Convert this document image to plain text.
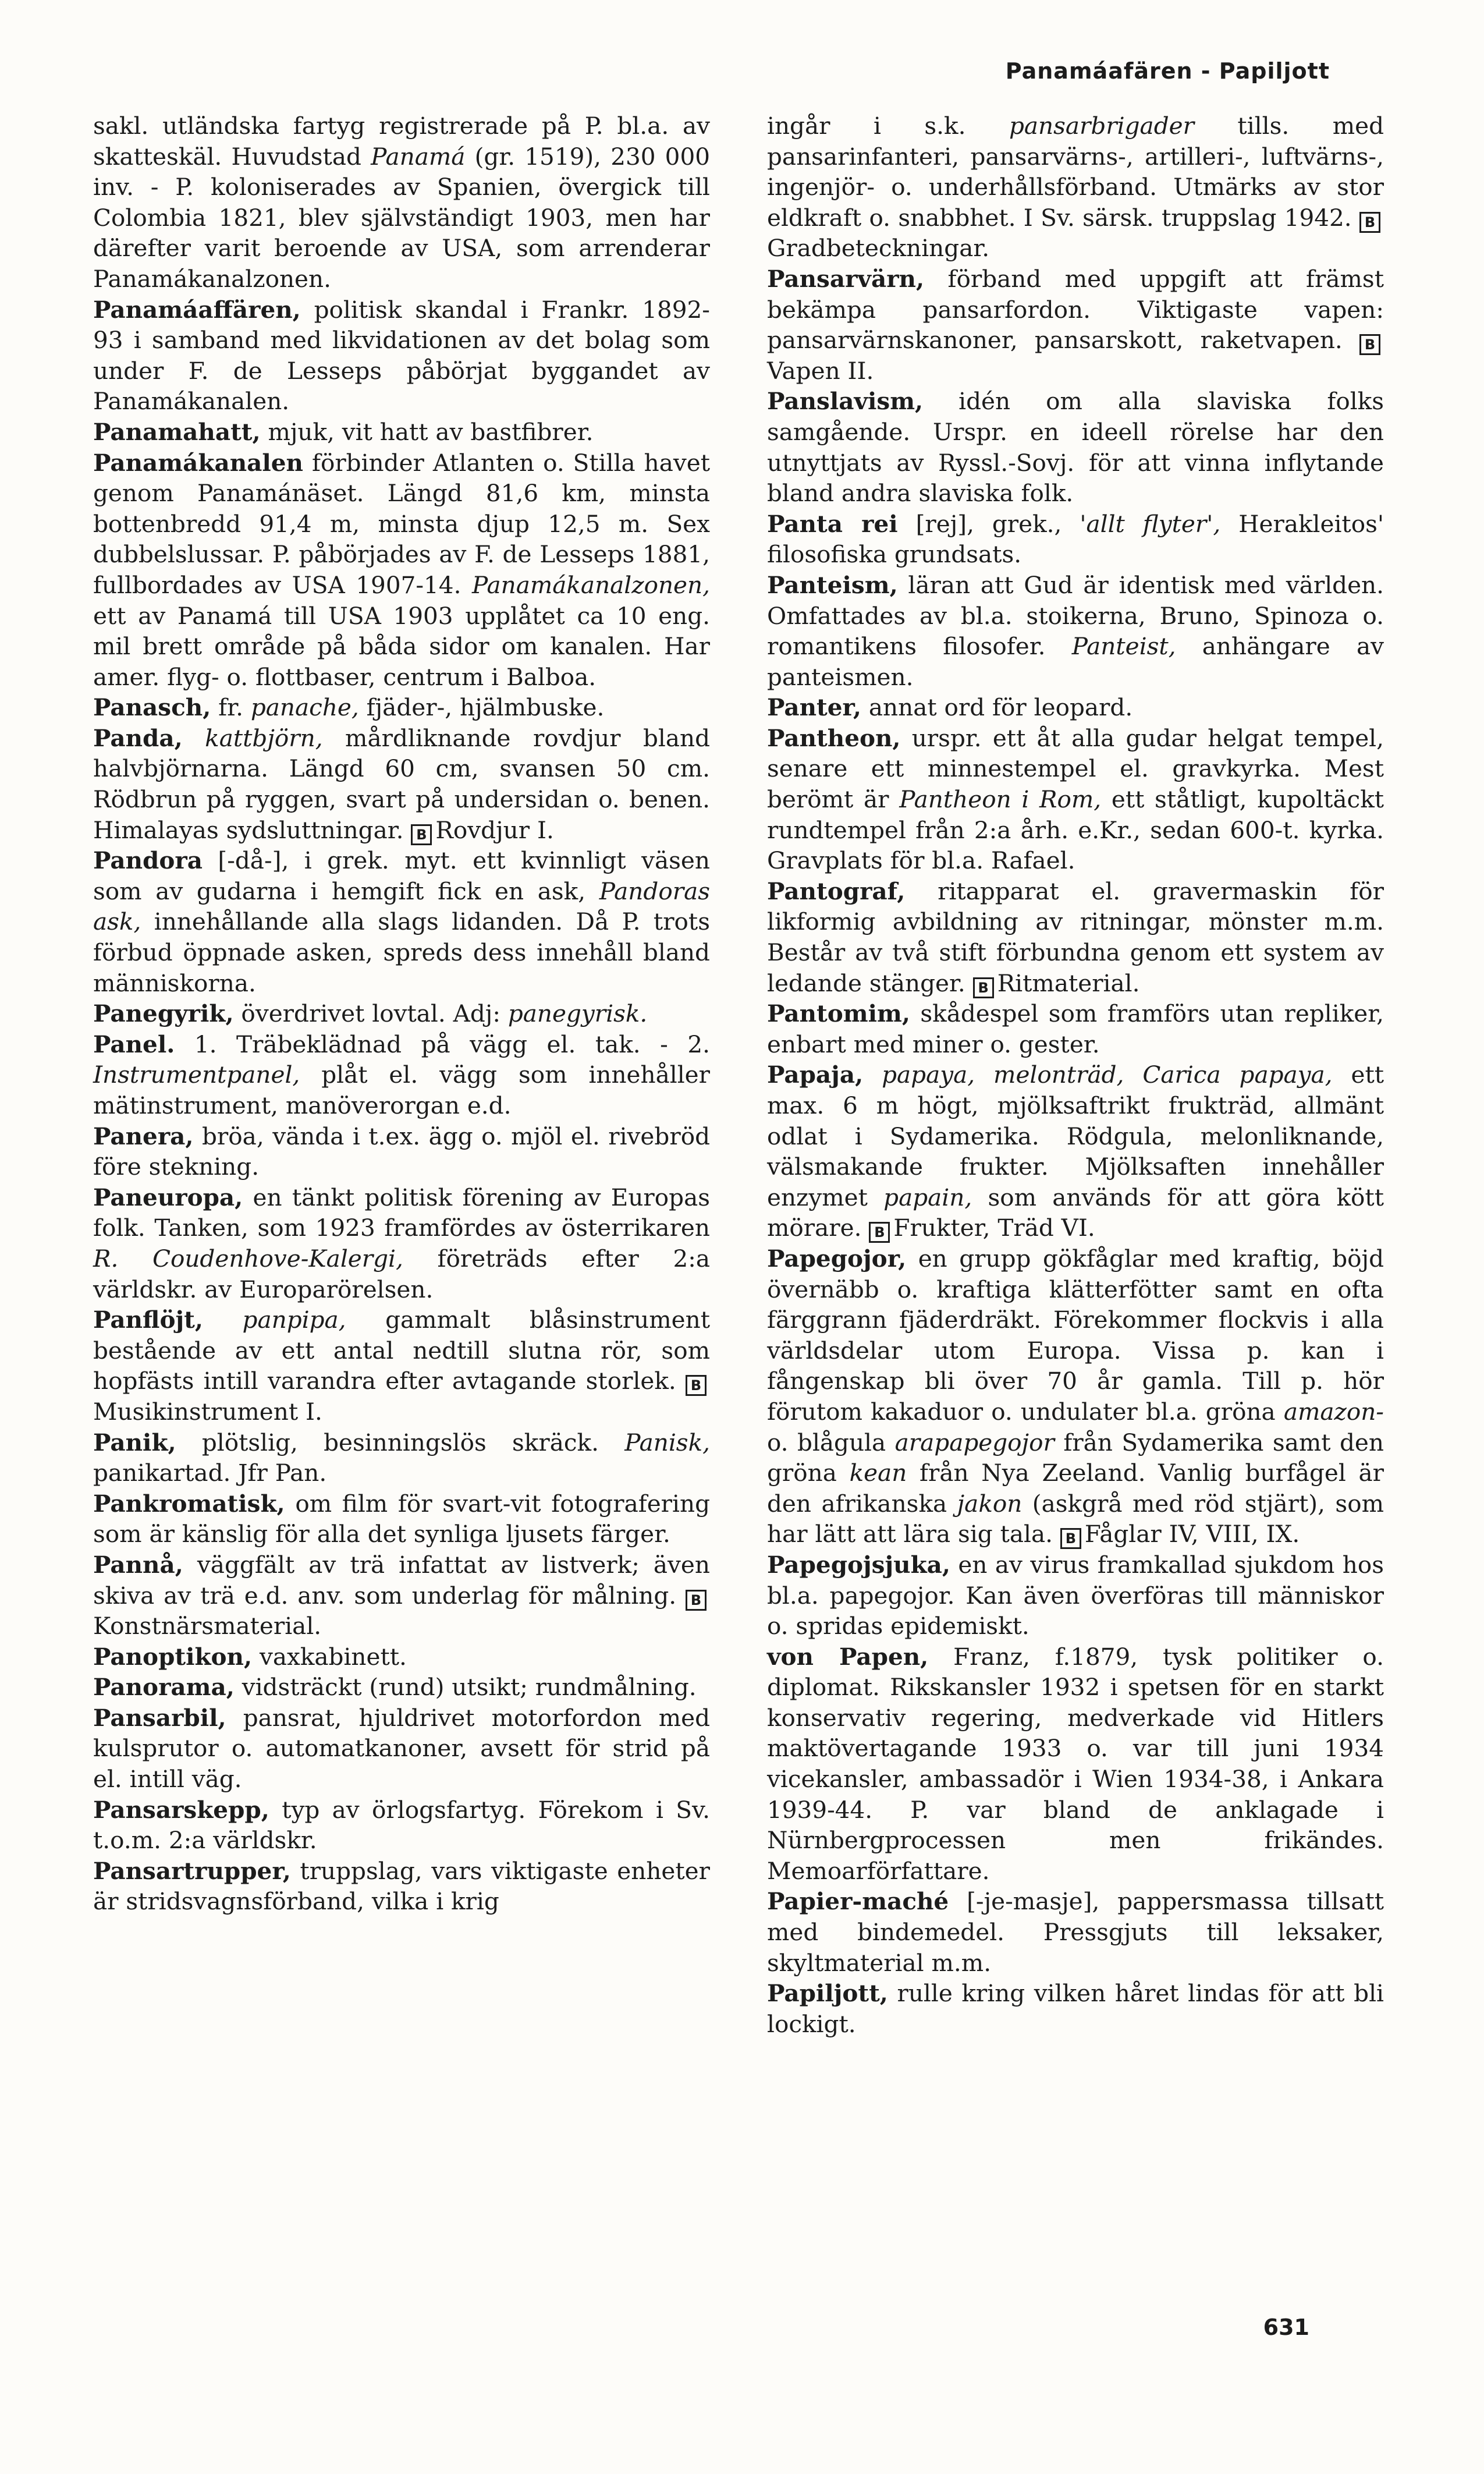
Panamáafären - Papiljott

sakl. utländska fartyg registrerade på P. bl.a. av skatteskäl. Huvudstad Panamá (gr. 1519), 230 000 inv. - P. koloniserades av Spanien, övergick till Colombia 1821, blev självständigt 1903, men har därefter varit beroende av USA, som arrenderar Panamákanalzonen.

Panamáaffären, politisk skandal i Frankr. 1892-93 i samband med likvidationen av det bolag som under F. de Lesseps påbörjat byggandet av Panamákanalen.

Panamahatt, mjuk, vit hatt av bastfibrer.

Panamákanalen förbinder Atlanten o. Stilla havet genom Panamánäset. Längd 81,6 km, minsta bottenbredd 91,4 m, minsta djup 12,5 m. Sex dubbelslussar. P. påbörjades av F. de Lesseps 1881, fullbordades av USA 1907-14. Panamákanalzonen, ett av Panamá till USA 1903 upplåtet ca 10 eng. mil brett område på båda sidor om kanalen. Har amer. flyg- o. flottbaser, centrum i Balboa.

Panasch, fr. panache, fjäder-, hjälmbuske.

Panda, kattbjörn, mårdliknande rovdjur bland halvbjörnarna. Längd 60 cm, svansen 50 cm. Rödbrun på ryggen, svart på undersidan o. benen. Himalayas sydsluttningar. B Rovdjur I.

Pandora [-då-], i grek. myt. ett kvinnligt väsen som av gudarna i hemgift fick en ask, Pandoras ask, innehållande alla slags lidanden. Då P. trots förbud öppnade asken, spreds dess innehåll bland människorna.

Panegyrik, överdrivet lovtal. Adj: panegyrisk.

Panel. 1. Träbeklädnad på vägg el. tak. - 2. Instrumentpanel, plåt el. vägg som innehåller mätinstrument, manöverorgan e.d.

Panera, bröa, vända i t.ex. ägg o. mjöl el. rivebröd före stekning.

Paneuropa, en tänkt politisk förening av Europas folk. Tanken, som 1923 framfördes av österrikaren R. Coudenhove-Kalergi, företräds efter 2:a världskr. av Europarörelsen.

Panflöjt, panpipa, gammalt blåsinstrument bestående av ett antal nedtill slutna rör, som hopfästs intill varandra efter avtagande storlek. BMusikinstrument I.

Panik, plötslig, besinningslös skräck. Panisk, panikartad. Jfr Pan.

Pankromatisk, om film för svart-vit fotografering som är känslig för alla det synliga ljusets färger.

Pannå, väggfält av trä infattat av listverk; även skiva av trä e.d. anv. som underlag för målning. BKonstnärsmaterial.

Panoptikon, vaxkabinett.

Panorama, vidsträckt (rund) utsikt; rundmålning.

Pansarbil, pansrat, hjuldrivet motorfordon med kulsprutor o. automatkanoner, avsett för strid på el. intill väg.

Pansarskepp, typ av örlogsfartyg. Förekom i Sv. t.o.m. 2:a världskr.

Pansartrupper, truppslag, vars viktigaste enheter är stridsvagnsförband, vilka i krig

ingår i s.k. pansarbrigader tills. med pansarinfanteri, pansarvärns-, artilleri-, luftvärns-, ingenjör- o. underhållsförband. Utmärks av stor eldkraft o. snabbhet. I Sv. särsk. truppslag 1942. BGradbeteckningar.

Pansarvärn, förband med uppgift att främst bekämpa pansarfordon. Viktigaste vapen: pansarvärnskanoner, pansarskott, raketvapen. BVapen II.

Panslavism, idén om alla slaviska folks samgående. Urspr. en ideell rörelse har den utnyttjats av Ryssl.-Sovj. för att vinna inflytande bland andra slaviska folk.

Panta rei [rej], grek., 'allt flyter', Herakleitos' filosofiska grundsats.

Panteism, läran att Gud är identisk med världen. Omfattades av bl.a. stoikerna, Bruno, Spinoza o. romantikens filosofer. Panteist, anhängare av panteismen.

Panter, annat ord för leopard.

Pantheon, urspr. ett åt alla gudar helgat tempel, senare ett minnestempel el. gravkyrka. Mest berömt är Pantheon i Rom, ett ståtligt, kupoltäckt rundtempel från 2:a årh. e.Kr., sedan 600-t. kyrka. Gravplats för bl.a. Rafael.

Pantograf, ritapparat el. gravermaskin för likformig avbildning av ritningar, mönster m.m. Består av två stift förbundna genom ett system av ledande stänger. B Ritmaterial.

Pantomim, skådespel som framförs utan repliker, enbart med miner o. gester.

Papaja, papaya, melonträd, Carica papaya, ett max. 6 m högt, mjölksaftrikt frukträd, allmänt odlat i Sydamerika. Rödgula, melonliknande, välsmakande frukter. Mjölksaften innehåller enzymet papain, som används för att göra kött mörare. B Frukter, Träd VI.

Papegojor, en grupp gökfåglar med kraftig, böjd övernäbb o. kraftiga klätterfötter samt en ofta färggrann fjäderdräkt. Förekommer flockvis i alla världsdelar utom Europa. Vissa p. kan i fångenskap bli över 70 år gamla. Till p. hör förutom kakaduor o. undulater bl.a. gröna amazon- o. blågula arapapegojor från Sydamerika samt den gröna kean från Nya Zeeland. Vanlig burfågel är den afrikanska jakon (askgrå med röd stjärt), som har lätt att lära sig tala. B Fåglar IV, VIII, IX.

Papegojsjuka, en av virus framkallad sjukdom hos bl.a. papegojor. Kan även överföras till människor o. spridas epidemiskt.

von Papen, Franz, f.1879, tysk politiker o. diplomat. Rikskansler 1932 i spetsen för en starkt konservativ regering, medverkade vid Hitlers maktövertagande 1933 o. var till juni 1934 vicekansler, ambassadör i Wien 1934-38, i Ankara 1939-44. P. var bland de anklagade i Nürnbergprocessen men frikändes. Memoarförfattare.

Papier-maché [-je-masje], pappersmassa tillsatt med bindemedel. Pressgjuts till leksaker, skyltmaterial m.m.

Papiljott, rulle kring vilken håret lindas för att bli lockigt.

631
